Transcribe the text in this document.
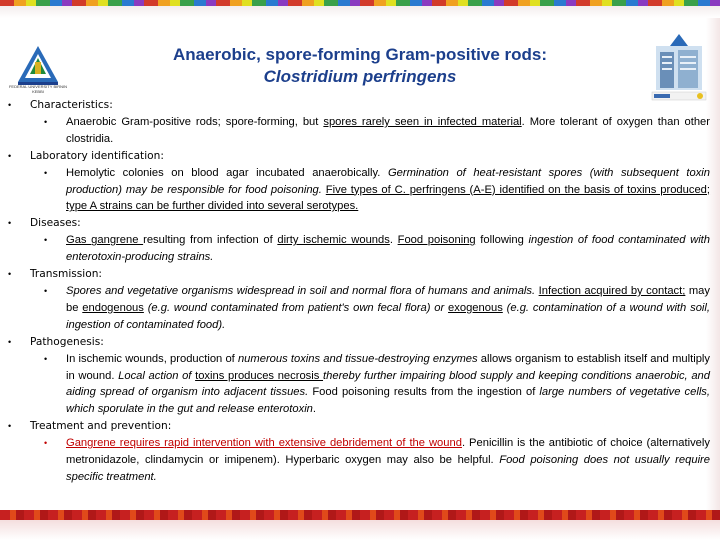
FEDERAL UNIVERSITY BIRNIN KEBBI
Anaerobic, spore-forming Gram-positive rods:
Clostridium perfringens
• Characteristics:
• Anaerobic Gram-positive rods; spore-forming, but spores rarely seen in infected material. More tolerant of oxygen than other clostridia.
• Laboratory identification:
• Hemolytic colonies on blood agar incubated anaerobically. Germination of heat-resistant spores (with subsequent toxin production) may be responsible for food poisoning. Five types of C. perfringens (A-E) identified on the basis of toxins produced; type A strains can be further divided into several serotypes.
• Diseases:
• Gas gangrene resulting from infection of dirty ischemic wounds. Food poisoning following ingestion of food contaminated with enterotoxin-producing strains.
• Transmission:
• Spores and vegetative organisms widespread in soil and normal flora of humans and animals. Infection acquired by contact; may be endogenous (e.g. wound contaminated from patient's own fecal flora) or exogenous (e.g. contamination of a wound with soil, ingestion of contaminated food).
• Pathogenesis:
• In ischemic wounds, production of numerous toxins and tissue-destroying enzymes allows organism to establish itself and multiply in wound. Local action of toxins produces necrosis thereby further impairing blood supply and keeping conditions anaerobic, and aiding spread of organism into adjacent tissues. Food poisoning results from the ingestion of large numbers of vegetative cells, which sporulate in the gut and release enterotoxin.
• Treatment and prevention:
• Gangrene requires rapid intervention with extensive debridement of the wound. Penicillin is the antibiotic of choice (alternatively metronidazole, clindamycin or imipenem). Hyperbaric oxygen may also be helpful. Food poisoning does not usually require specific treatment.
